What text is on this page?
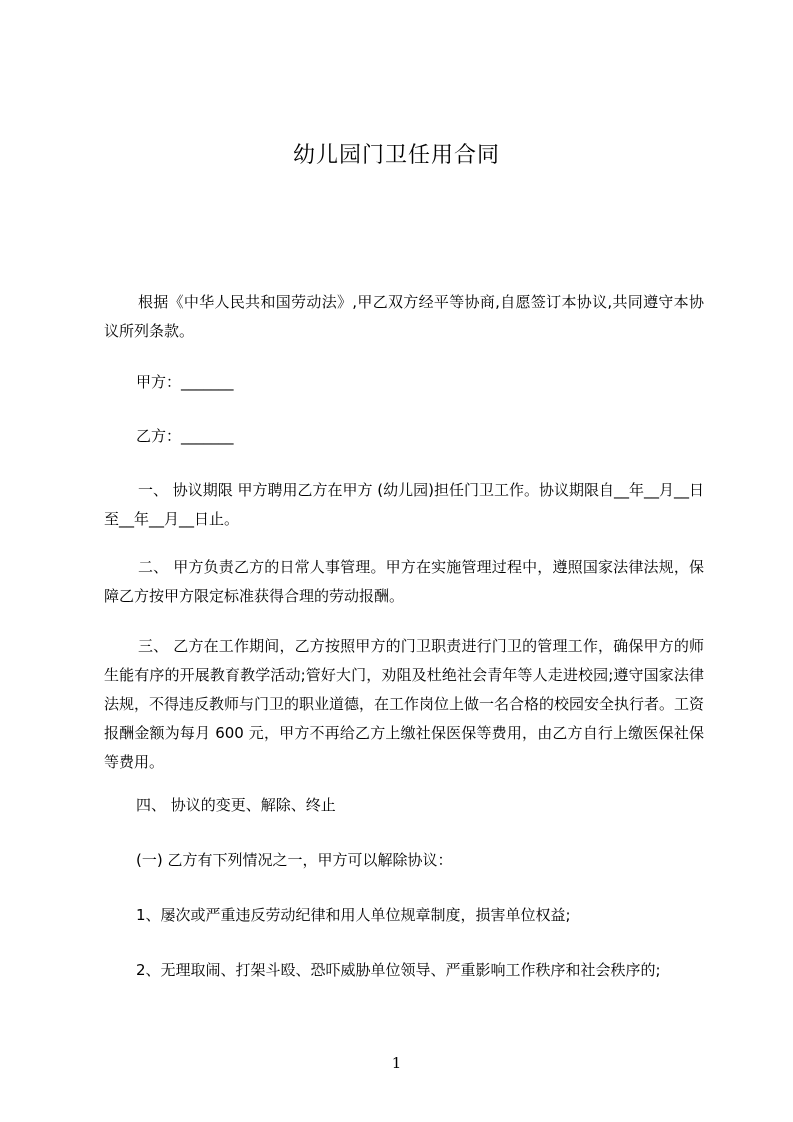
幼儿园门卫任用合同
根据《中华人民共和国劳动法》,甲乙双方经平等协商,自愿签订本协议,共同遵守本协议所列条款。
甲方：_______
乙方：_______
一、 协议期限 甲方聘用乙方在甲方 (幼儿园)担任门卫工作。协议期限自__年__月__日至__年__月__日止。
二、 甲方负责乙方的日常人事管理。甲方在实施管理过程中，遵照国家法律法规，保障乙方按甲方限定标准获得合理的劳动报酬。
三、 乙方在工作期间，乙方按照甲方的门卫职责进行门卫的管理工作，确保甲方的师生能有序的开展教育教学活动;管好大门，劝阻及杜绝社会青年等人走进校园;遵守国家法律法规，不得违反教师与门卫的职业道德，在工作岗位上做一名合格的校园安全执行者。工资报酬金额为每月 600 元，甲方不再给乙方上缴社保医保等费用，由乙方自行上缴医保社保等费用。
四、 协议的变更、解除、终止
(一) 乙方有下列情况之一，甲方可以解除协议：
1、屡次或严重违反劳动纪律和用人单位规章制度，损害单位权益;
2、无理取闹、打架斗殴、恐吓威胁单位领导、严重影响工作秩序和社会秩序的;
1
